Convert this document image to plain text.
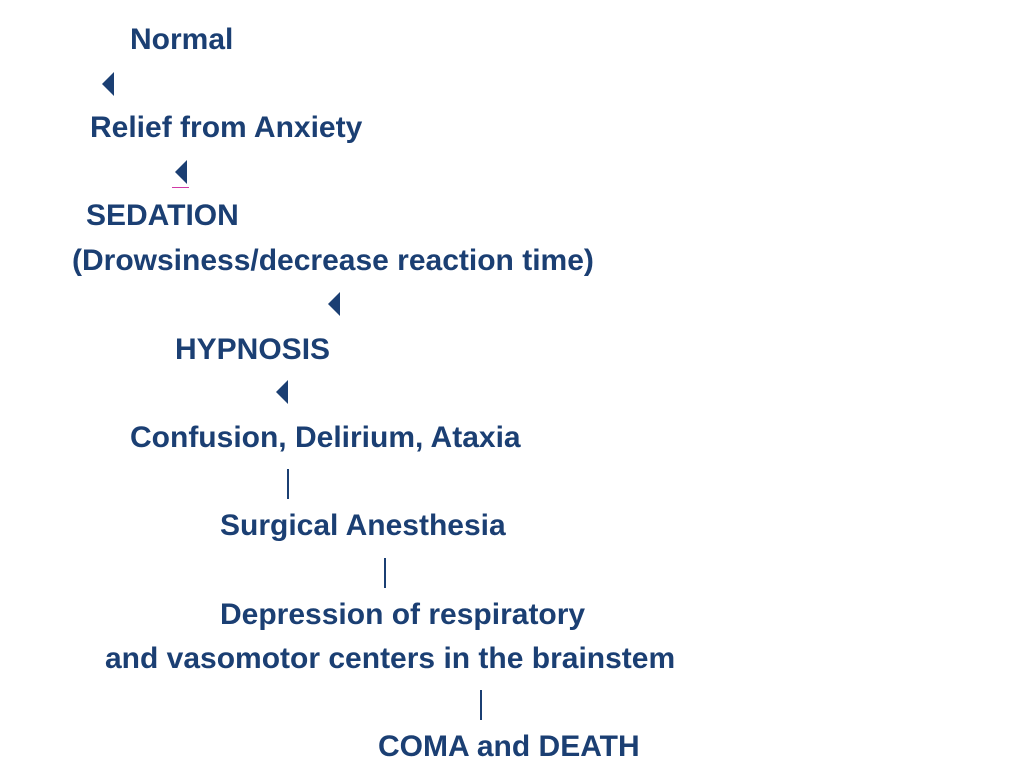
Normal
Relief from Anxiety
SEDATION
(Drowsiness/decrease reaction time)
HYPNOSIS
Confusion, Delirium, Ataxia
Surgical Anesthesia
Depression of respiratory
and vasomotor centers in the brainstem
COMA and DEATH
